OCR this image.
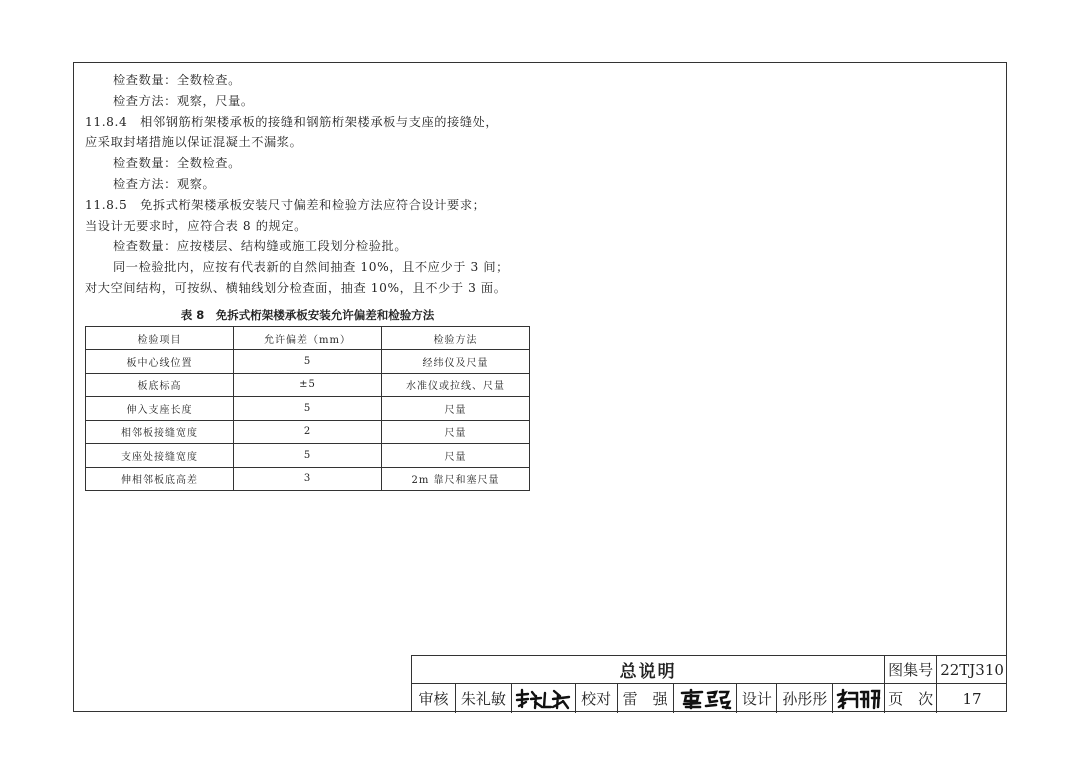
检查数量：全数检查。
检查方法：观察，尺量。
11.8.4　相邻钢筋桁架楼承板的接缝和钢筋桁架楼承板与支座的接缝处，
应采取封堵措施以保证混凝土不漏浆。
检查数量：全数检查。
检查方法：观察。
11.8.5　免拆式桁架楼承板安装尺寸偏差和检验方法应符合设计要求；
当设计无要求时，应符合表 8 的规定。
检查数量：应按楼层、结构缝或施工段划分检验批。
同一检验批内，应按有代表新的自然间抽查 10%，且不应少于 3 间；
对大空间结构，可按纵、横轴线划分检查面，抽查 10%，且不少于 3 面。
表 8　免拆式桁架楼承板安装允许偏差和检验方法
检验项目	允许偏差（mm）	检验方法
板中心线位置	5	经纬仪及尺量
板底标高	±5	水准仪或拉线、尺量
伸入支座长度	5	尺量
相邻板接缝宽度	2	尺量
支座处接缝宽度	5	尺量
伸相邻板底高差	3	2m 靠尺和塞尺量
总说明	图集号 22TJ310
审核 朱礼敏	校对 雷　强	设计 孙彤彤	页　次	17
